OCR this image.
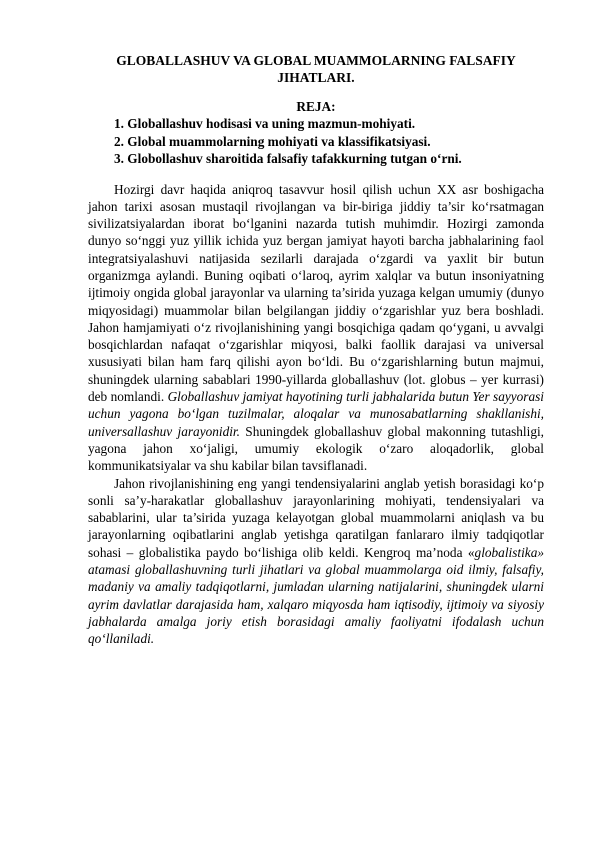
GLOBALLASHUV VA GLOBAL MUAMMOLARNING FALSAFIY JIHATLARI.
REJA:
1. Globallashuv hodisasi va uning mazmun-mohiyati.
2. Global muammolarning mohiyati va klassifikatsiyasi.
3. Globollashuv sharoitida falsafiy tafakkurning tutgan o‘rni.

Hozirgi davr haqida aniqroq tasavvur hosil qilish uchun XX asr boshigacha jahon tarixi asosan mustaqil rivojlangan va bir-biriga jiddiy ta’sir ko‘rsatmagan sivilizatsiyalardan iborat bo‘lganini nazarda tutish muhimdir. Hozirgi zamonda dunyo so‘nggi yuz yillik ichida yuz bergan jamiyat hayoti barcha jabhalarining faol integratsiyalashuvi natijasida sezilarli darajada o‘zgardi va yaxlit bir butun organizmga aylandi. Buning oqibati o‘laroq, ayrim xalqlar va butun insoniyatning ijtimoiy ongida global jarayonlar va ularning ta’sirida yuzaga kelgan umumiy (dunyo miqyosidagi) muammolar bilan belgilangan jiddiy o‘zgarishlar yuz bera boshladi. Jahon hamjamiyati o‘z rivojlanishining yangi bosqichiga qadam qo‘ygani, u avvalgi bosqichlardan nafaqat o‘zgarishlar miqyosi, balki faollik darajasi va universal xususiyati bilan ham farq qilishi ayon bo‘ldi. Bu o‘zgarishlarning butun majmui, shuningdek ularning sabablari 1990-yillarda globallashuv (lot. globus – yer kurrasi) deb nomlandi. Globallashuv jamiyat hayotining turli jabhalarida butun Yer sayyorasi uchun yagona bo‘lgan tuzilmalar, aloqalar va munosabatlarning shakllanishi, universallashuv jarayonidir. Shuningdek globallashuv global makonning tutashligi, yagona jahon xo‘jaligi, umumiy ekologik o‘zaro aloqadorlik, global kommunikatsiyalar va shu kabilar bilan tavsiflanadi.

Jahon rivojlanishining eng yangi tendensiyalarini anglab yetish borasidagi ko‘p sonli sa’y-harakatlar globallashuv jarayonlarining mohiyati, tendensiyalari va sabablarini, ular ta’sirida yuzaga kelayotgan global muammolarni aniqlash va bu jarayonlarning oqibatlarini anglab yetishga qaratilgan fanlararo ilmiy tadqiqotlar sohasi – globalistika paydo bo‘lishiga olib keldi. Kengroq ma’noda «globalistika» atamasi globallashuvning turli jihatlari va global muammolarga oid ilmiy, falsafiy, madaniy va amaliy tadqiqotlarni, jumladan ularning natijalarini, shuningdek ularni ayrim davlatlar darajasida ham, xalqaro miqyosda ham iqtisodiy, ijtimoiy va siyosiy jabhalarda amalga joriy etish borasidagi amaliy faoliyatni ifodalash uchun qo‘llaniladi.
